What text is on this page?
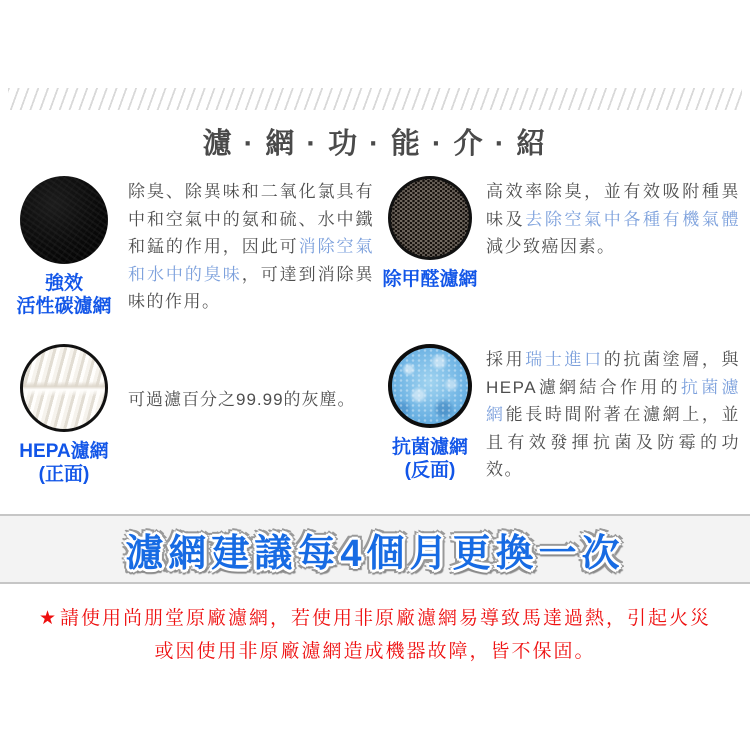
濾 · 網 · 功 · 能 · 介 · 紹
強效
活性碳濾網
除臭、除異味和二氧化氯具有中和空氣中的氨和硫、水中鐵和錳的作用，因此可消除空氣和水中的臭味，可達到消除異味的作用。
除甲醛濾網
高效率除臭，並有效吸附種異味及去除空氣中各種有機氣體減少致癌因素。
HEPA濾網
(正面)
可過濾百分之99.99的灰塵。
抗菌濾網
(反面)
採用瑞士進口的抗菌塗層，與HEPA濾網結合作用的抗菌濾網能長時間附著在濾網上，並且有效發揮抗菌及防霉的功效。
濾網建議每4個月更換一次
★ 請使用尚朋堂原廠濾網，若使用非原廠濾網易導致馬達過熱，引起火災
或因使用非原廠濾網造成機器故障，皆不保固。
